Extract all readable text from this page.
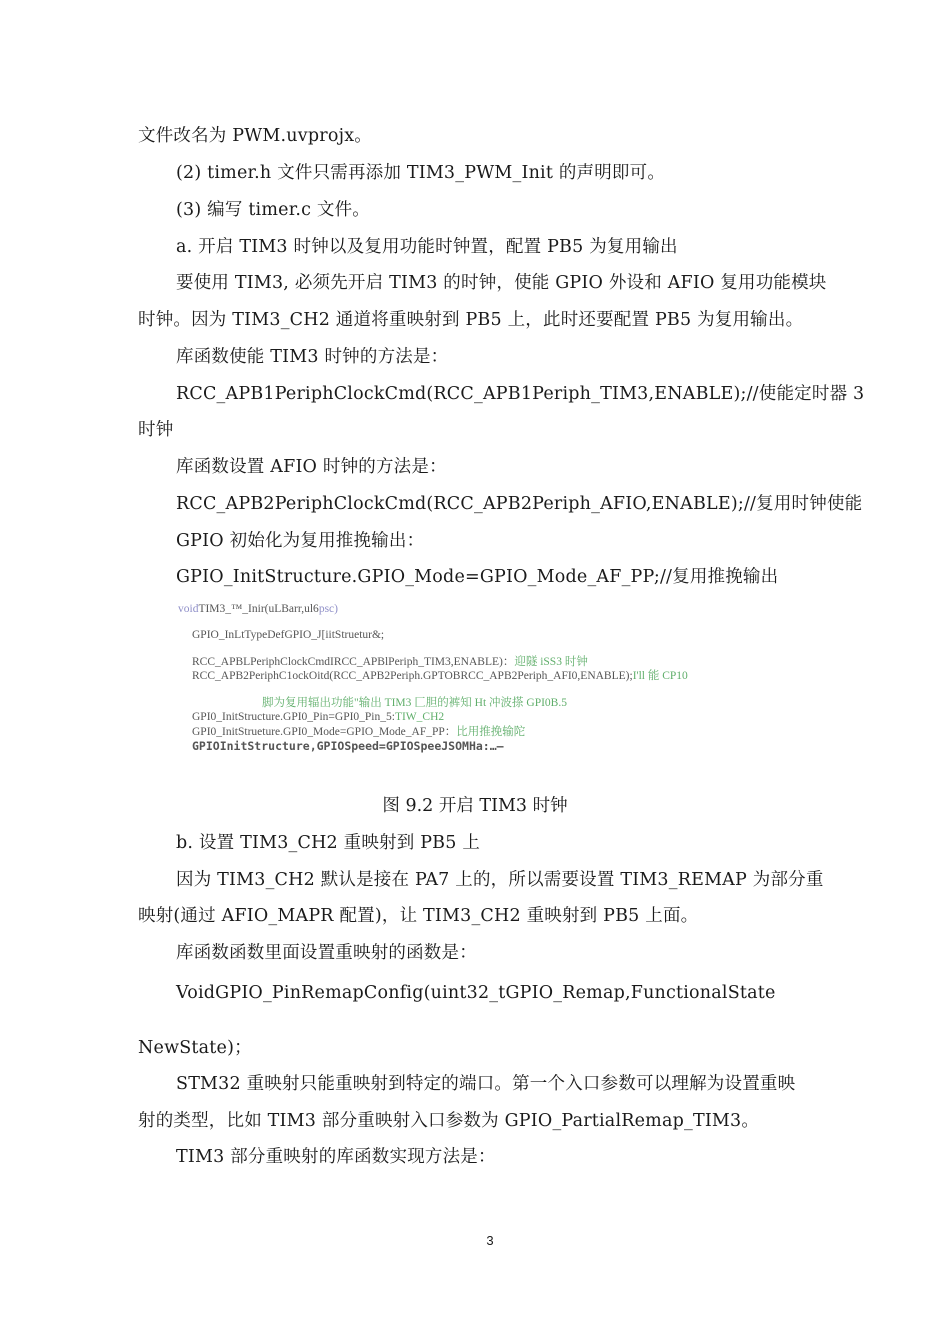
文件改名为 PWM.uvprojx。
(2) timer.h 文件只需再添加 TIM3_PWM_Init 的声明即可。
(3) 编写 timer.c 文件。
a. 开启 TIM3 时钟以及复用功能时钟置，配置 PB5 为复用输出
要使用 TIM3, 必须先开启 TIM3 的时钟，使能 GPIO 外设和 AFIO 复用功能模块
时钟。因为 TIM3_CH2 通道将重映射到 PB5 上，此时还要配置 PB5 为复用输出。
库函数使能 TIM3 时钟的方法是：
RCC_APB1PeriphClockCmd(RCC_APB1Periph_TIM3,ENABLE);//使能定时器 3
时钟
库函数设置 AFIO 时钟的方法是：
RCC_APB2PeriphClockCmd(RCC_APB2Periph_AFIO,ENABLE);//复用时钟使能
GPIO 初始化为复用推挽输出：
GPIO_InitStructure.GPIO_Mode=GPIO_Mode_AF_PP;//复用推挽输出
voidTIM3_™_Inir(uLBarr,ul6psc)
GPIO_InLtTypeDefGPIO_J[iitStruetur&;
RCC_APBLPeriphClockCmdIRCC_APBlPeriph_TIM3,ENABLE)：迎隧 iSS3 时钟
RCC_APB2PeriphC1ockOitd(RCC_APB2Periph.GPTOBRCC_APB2Periph_AFI0,ENABLE);I'll 能 CP10
脚为复用辐出功能"输出 TIM3 匚胆的裤知 Ht 冲波搽 GPI0B.5
GPI0_InitStructure.GPI0_Pin=GPI0_Pin_5:TIW_CH2
GPI0_InitStrueture.GPI0_Mode=GPIO_Mode_AF_PP：比用推挽输陀
GPIOInitStructure,GPIOSpeed=GPIOSpeeJSOMHa:…—
图 9.2 开启 TIM3 时钟
b. 设置 TIM3_CH2 重映射到 PB5 上
因为 TIM3_CH2 默认是接在 PA7 上的，所以需要设置 TIM3_REMAP 为部分重
映射(通过 AFIO_MAPR 配置)，让 TIM3_CH2 重映射到 PB5 上面。
库函数函数里面设置重映射的函数是：
VoidGPIO_PinRemapConfig(uint32_tGPIO_Remap,FunctionalState
NewState)；
STM32 重映射只能重映射到特定的端口。第一个入口参数可以理解为设置重映
射的类型，比如 TIM3 部分重映射入口参数为 GPIO_PartialRemap_TIM3。
TIM3 部分重映射的库函数实现方法是：
3
